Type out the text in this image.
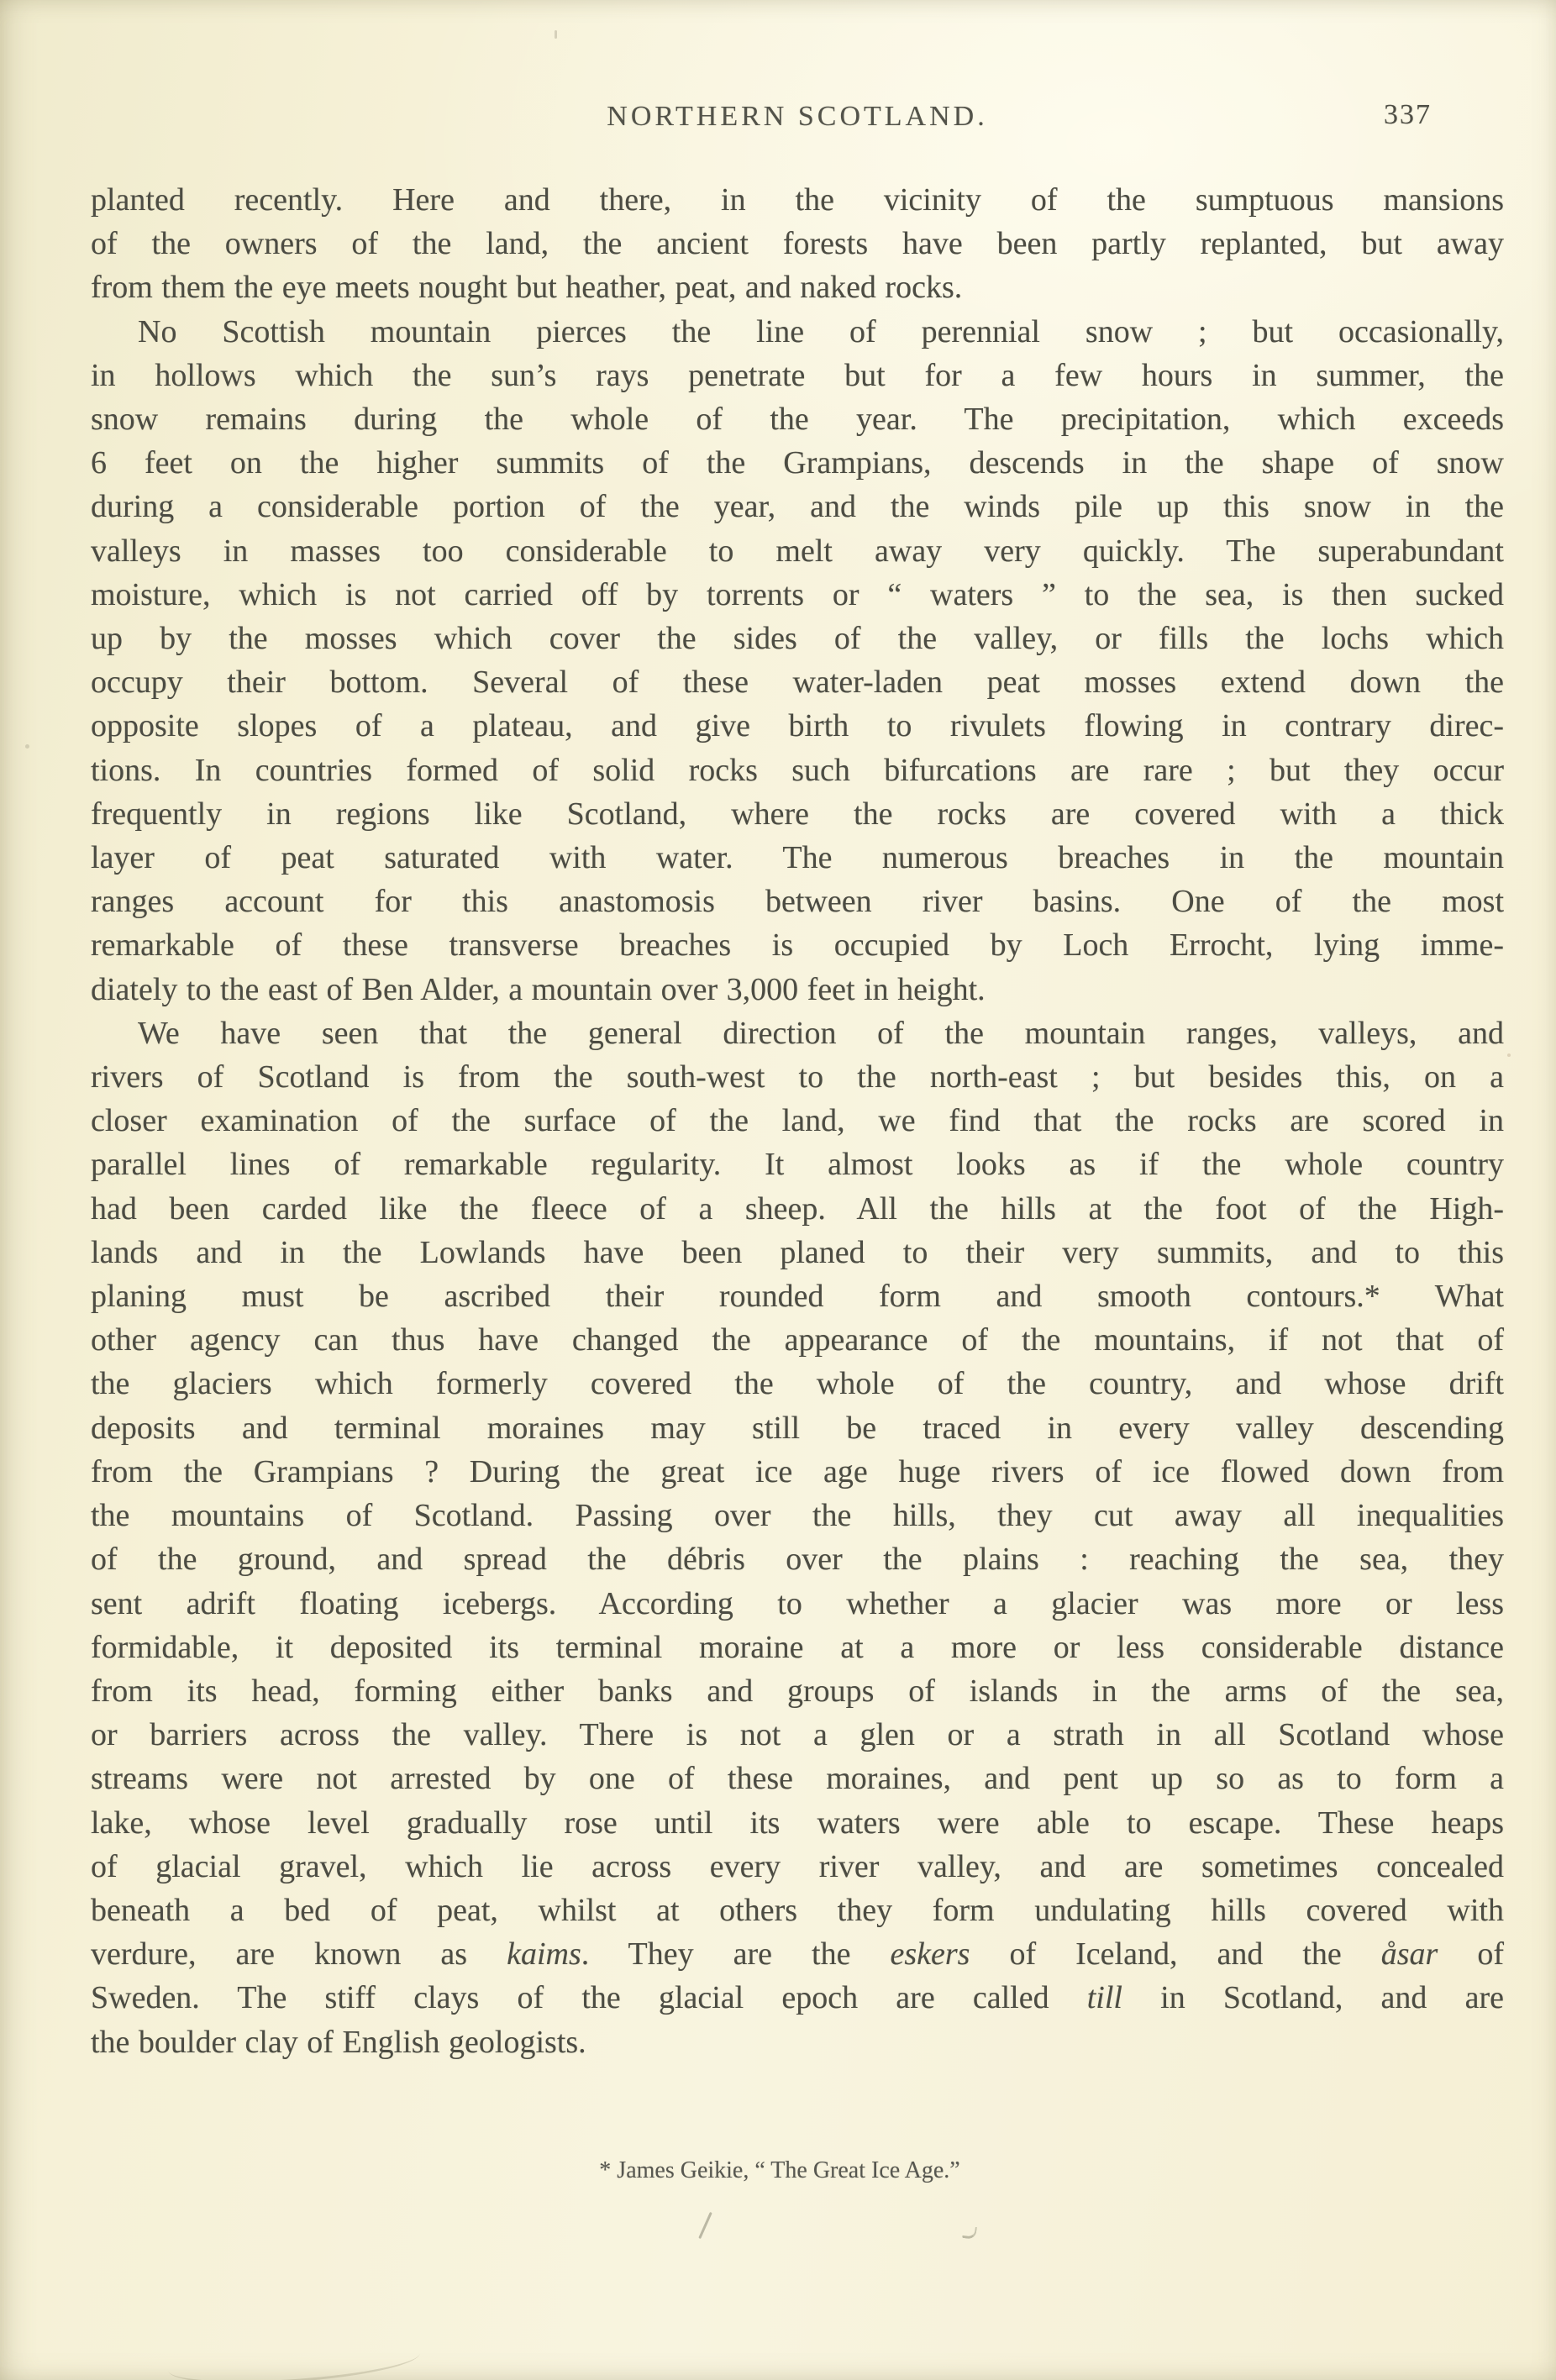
NORTHERN SCOTLAND.	337
planted recently. Here and there, in the vicinity of the sumptuous mansions
of the owners of the land, the ancient forests have been partly replanted, but away
from them the eye meets nought but heather, peat, and naked rocks.
No Scottish mountain pierces the line of perennial snow ; but occasionally,
in hollows which the sun’s rays penetrate but for a few hours in summer, the
snow remains during the whole of the year. The precipitation, which exceeds
6 feet on the higher summits of the Grampians, descends in the shape of snow
during a considerable portion of the year, and the winds pile up this snow in the
valleys in masses too considerable to melt away very quickly. The superabundant
moisture, which is not carried off by torrents or “ waters ” to the sea, is then sucked
up by the mosses which cover the sides of the valley, or fills the lochs which
occupy their bottom. Several of these water-laden peat mosses extend down the
opposite slopes of a plateau, and give birth to rivulets flowing in contrary direc-
tions. In countries formed of solid rocks such bifurcations are rare ; but they occur
frequently in regions like Scotland, where the rocks are covered with a thick
layer of peat saturated with water. The numerous breaches in the mountain
ranges account for this anastomosis between river basins. One of the most
remarkable of these transverse breaches is occupied by Loch Errocht, lying imme-
diately to the east of Ben Alder, a mountain over 3,000 feet in height.
We have seen that the general direction of the mountain ranges, valleys, and
rivers of Scotland is from the south-west to the north-east ; but besides this, on a
closer examination of the surface of the land, we find that the rocks are scored in
parallel lines of remarkable regularity. It almost looks as if the whole country
had been carded like the fleece of a sheep. All the hills at the foot of the High-
lands and in the Lowlands have been planed to their very summits, and to this
planing must be ascribed their rounded form and smooth contours.* What
other agency can thus have changed the appearance of the mountains, if not that of
the glaciers which formerly covered the whole of the country, and whose drift
deposits and terminal moraines may still be traced in every valley descending
from the Grampians ? During the great ice age huge rivers of ice flowed down from
the mountains of Scotland. Passing over the hills, they cut away all inequalities
of the ground, and spread the débris over the plains : reaching the sea, they
sent adrift floating icebergs. According to whether a glacier was more or less
formidable, it deposited its terminal moraine at a more or less considerable distance
from its head, forming either banks and groups of islands in the arms of the sea,
or barriers across the valley. There is not a glen or a strath in all Scotland whose
streams were not arrested by one of these moraines, and pent up so as to form a
lake, whose level gradually rose until its waters were able to escape. These heaps
of glacial gravel, which lie across every river valley, and are sometimes concealed
beneath a bed of peat, whilst at others they form undulating hills covered with
verdure, are known as kaims. They are the eskers of Iceland, and the åsar of
Sweden. The stiff clays of the glacial epoch are called till in Scotland, and are
the boulder clay of English geologists.
* James Geikie, “ The Great Ice Age.”
